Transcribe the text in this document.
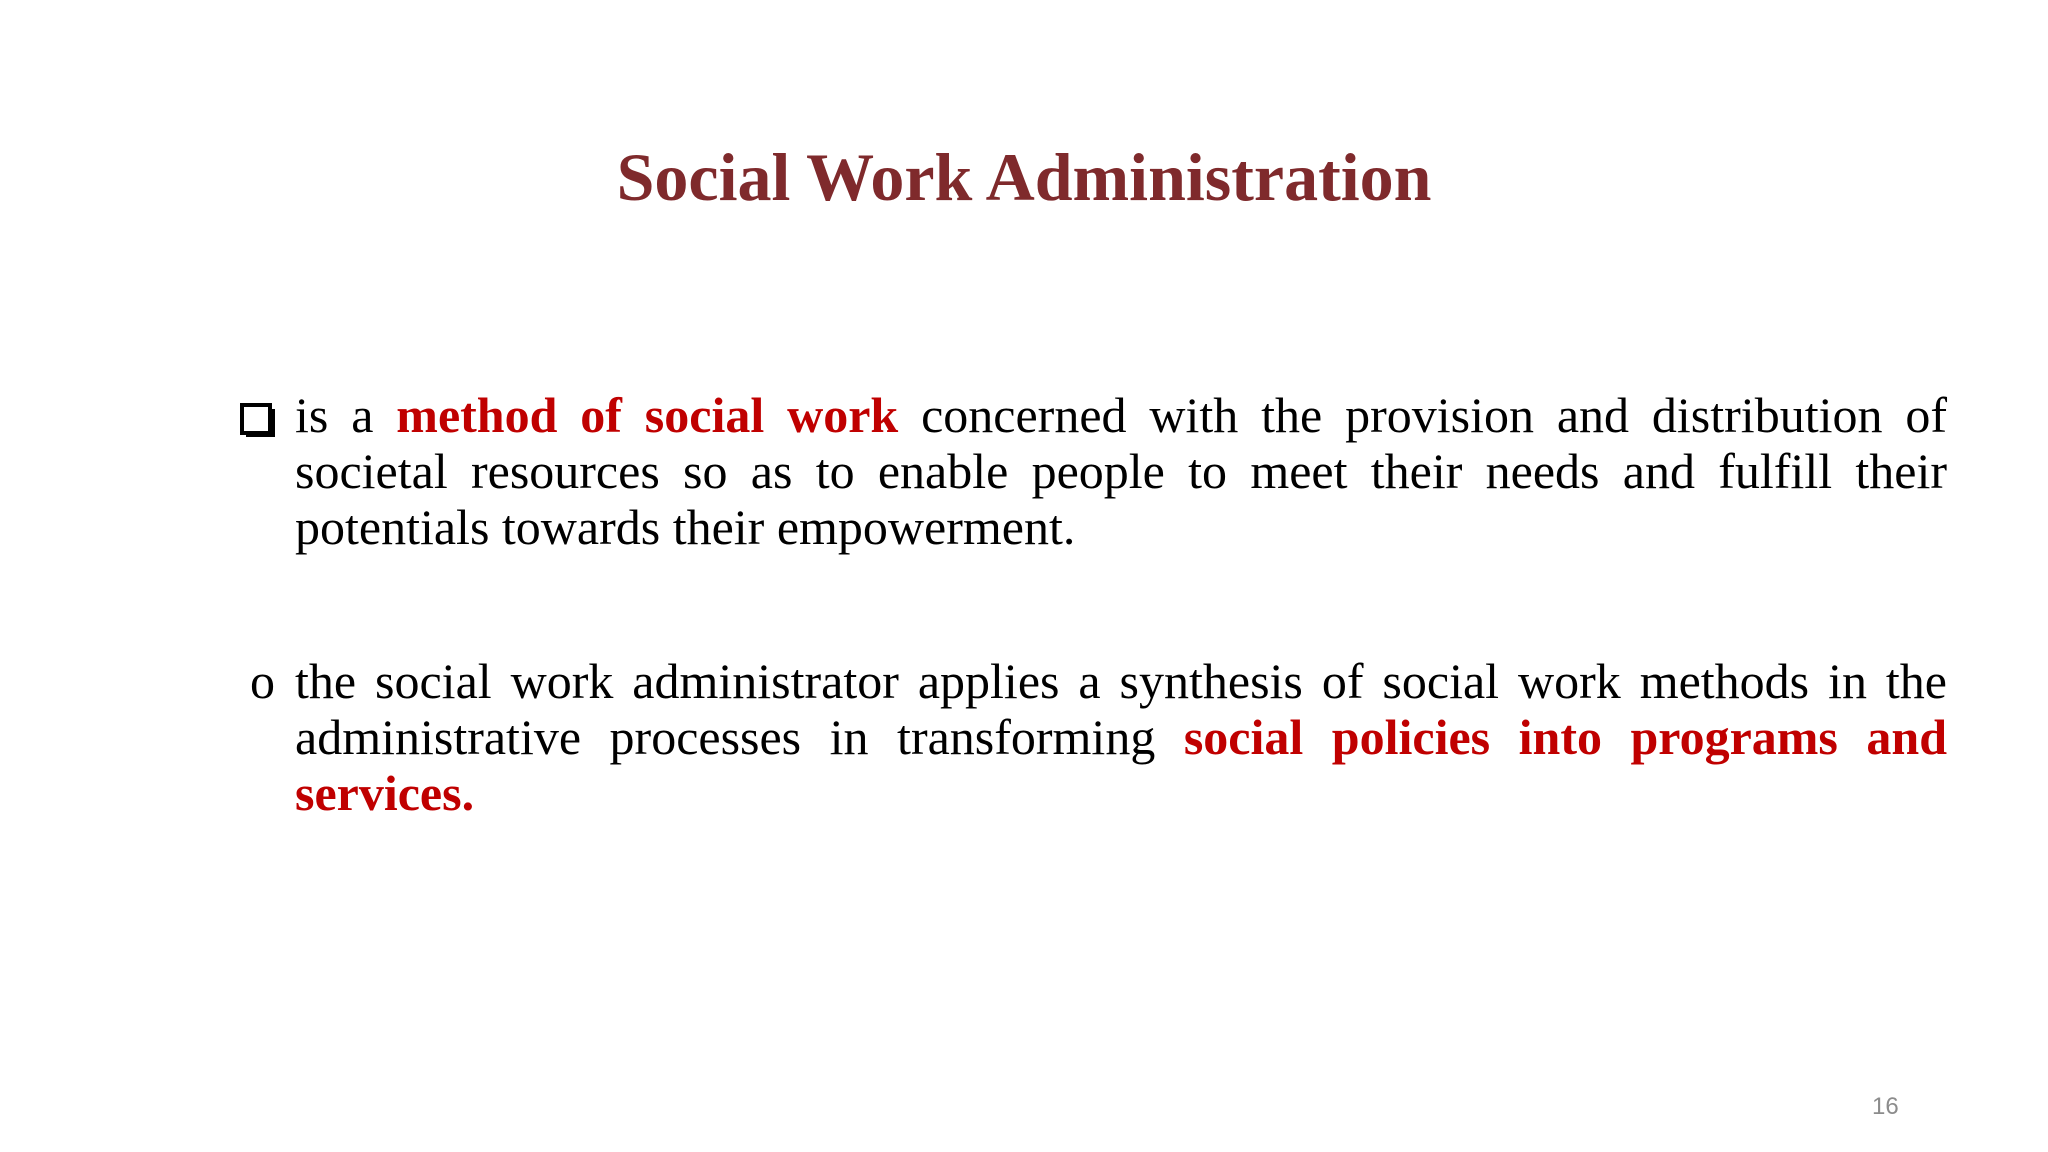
Social Work Administration
is a method of social work concerned with the provision and distribution of societal resources so as to enable people to meet their needs and fulfill their potentials towards their empowerment.
o the social work administrator applies a synthesis of social work methods in the administrative processes in transforming social policies into programs and services.
16
